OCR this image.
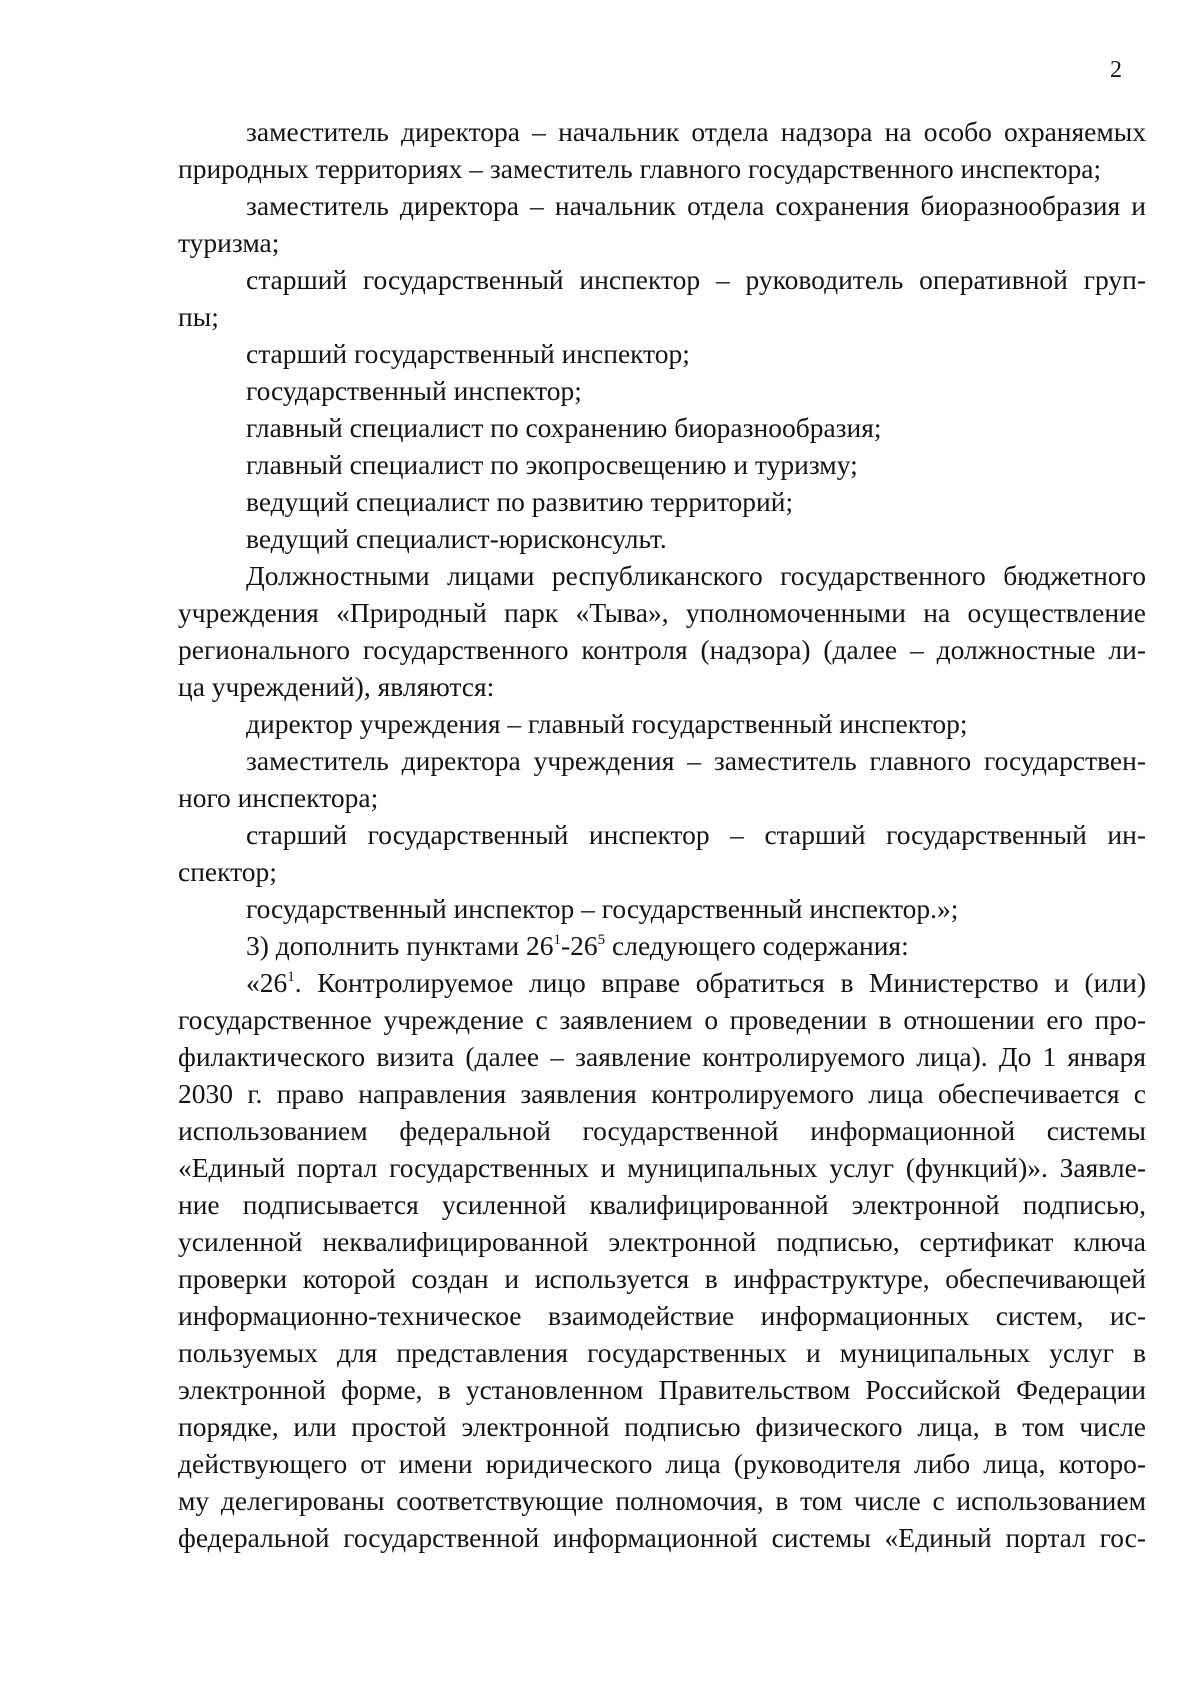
2
заместитель директора – начальник отдела надзора на особо охраняемых
природных территориях – заместитель главного государственного инспектора;
заместитель директора – начальник отдела сохранения биоразнообразия и
туризма;
старший государственный инспектор – руководитель оперативной груп-
пы;
старший государственный инспектор;
государственный инспектор;
главный специалист по сохранению биоразнообразия;
главный специалист по экопросвещению и туризму;
ведущий специалист по развитию территорий;
ведущий специалист-юрисконсульт.
Должностными лицами республиканского государственного бюджетного
учреждения «Природный парк «Тыва», уполномоченными на осуществление
регионального государственного контроля (надзора) (далее – должностные ли-
ца учреждений), являются:
директор учреждения – главный государственный инспектор;
заместитель директора учреждения – заместитель главного государствен-
ного инспектора;
старший государственный инспектор – старший государственный ин-
спектор;
государственный инспектор – государственный инспектор.»;
3) дополнить пунктами $26^1-26^5$ следующего содержания:
«$26^1$. Контролируемое лицо вправе обратиться в Министерство и (или)
государственное учреждение с заявлением о проведении в отношении его про-
филактического визита (далее – заявление контролируемого лица). До 1 января
2030 г. право направления заявления контролируемого лица обеспечивается с
использованием федеральной государственной информационной системы
«Единый портал государственных и муниципальных услуг (функций)». Заявле-
ние подписывается усиленной квалифицированной электронной подписью,
усиленной неквалифицированной электронной подписью, сертификат ключа
проверки которой создан и используется в инфраструктуре, обеспечивающей
информационно-техническое взаимодействие информационных систем, ис-
пользуемых для представления государственных и муниципальных услуг в
электронной форме, в установленном Правительством Российской Федерации
порядке, или простой электронной подписью физического лица, в том числе
действующего от имени юридического лица (руководителя либо лица, которо-
му делегированы соответствующие полномочия, в том числе с использованием
федеральной государственной информационной системы «Единый портал гос-
